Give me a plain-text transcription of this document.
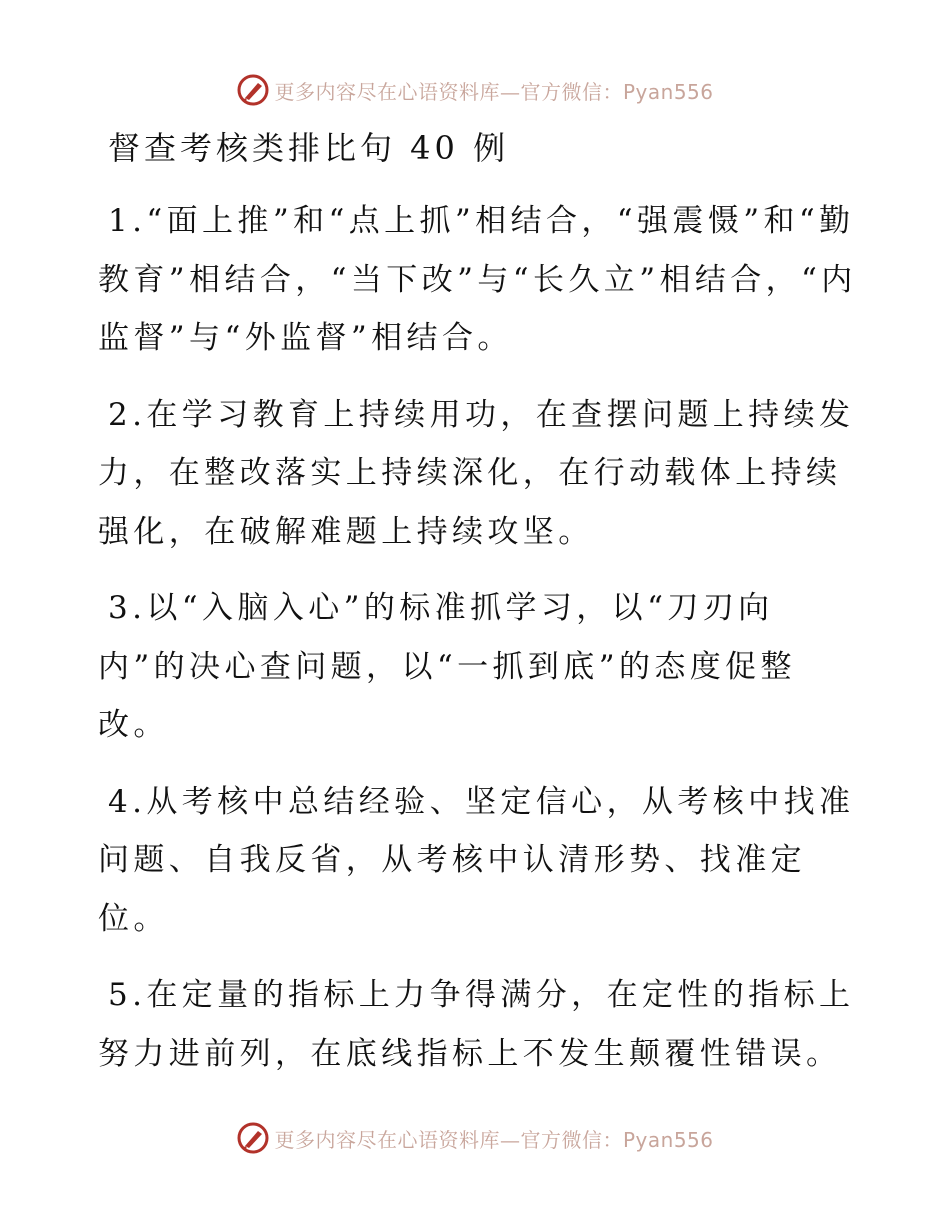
更多内容尽在心语资料库—官方微信：Pyan556
督查考核类排比句 40 例

1.“面上推”和“点上抓”相结合，“强震慑”和“勤教育”相结合，“当下改”与“长久立”相结合，“内监督”与“外监督”相结合。

2.在学习教育上持续用功，在查摆问题上持续发力，在整改落实上持续深化，在行动载体上持续强化，在破解难题上持续攻坚。

3.以“入脑入心”的标准抓学习，以“刀刃向内”的决心查问题，以“一抓到底”的态度促整改。

4.从考核中总结经验、坚定信心，从考核中找准问题、自我反省，从考核中认清形势、找准定位。

5.在定量的指标上力争得满分，在定性的指标上努力进前列，在底线指标上不发生颠覆性错误。

更多内容尽在心语资料库—官方微信：Pyan556
